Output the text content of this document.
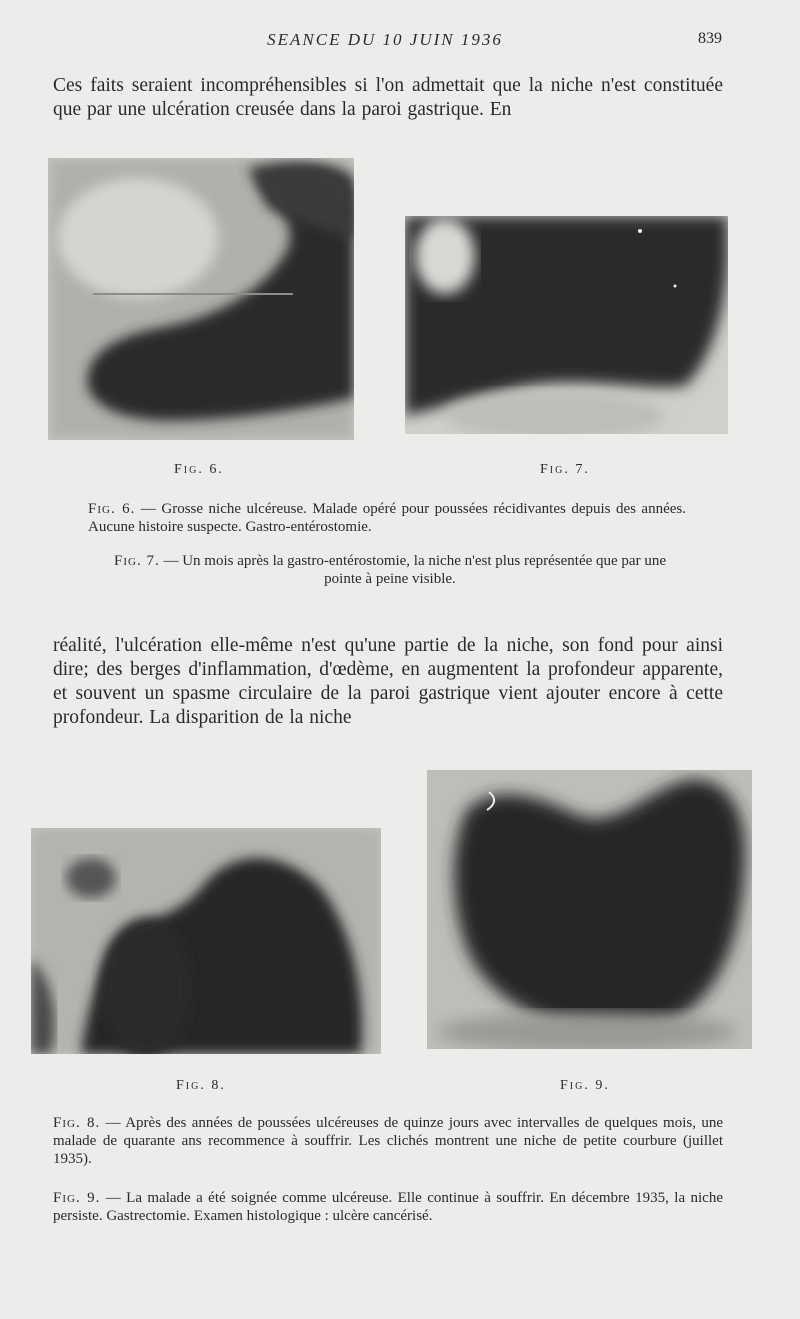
SEANCE DU 10 JUIN 1936	839
Ces faits seraient incompréhensibles si l'on admettait que la niche n'est constituée que par une ulcération creusée dans la paroi gastrique. En
Fig. 6.	Fig. 7.
Fig. 6. — Grosse niche ulcéreuse. Malade opéré pour poussées récidivantes depuis des années. Aucune histoire suspecte. Gastro-entérostomie.
Fig. 7. — Un mois après la gastro-entérostomie, la niche n'est plus représentée que par une pointe à peine visible.
réalité, l'ulcération elle-même n'est qu'une partie de la niche, son fond pour ainsi dire; des berges d'inflammation, d'œdème, en augmentent la profondeur apparente, et souvent un spasme circulaire de la paroi gastrique vient ajouter encore à cette profondeur. La disparition de la niche
Fig. 8.	Fig. 9.
Fig. 8. — Après des années de poussées ulcéreuses de quinze jours avec intervalles de quelques mois, une malade de quarante ans recommence à souffrir. Les clichés montrent une niche de petite courbure (juillet 1935).
Fig. 9. — La malade a été soignée comme ulcéreuse. Elle continue à souffrir. En décembre 1935, la niche persiste. Gastrectomie. Examen histologique : ulcère cancérisé.
